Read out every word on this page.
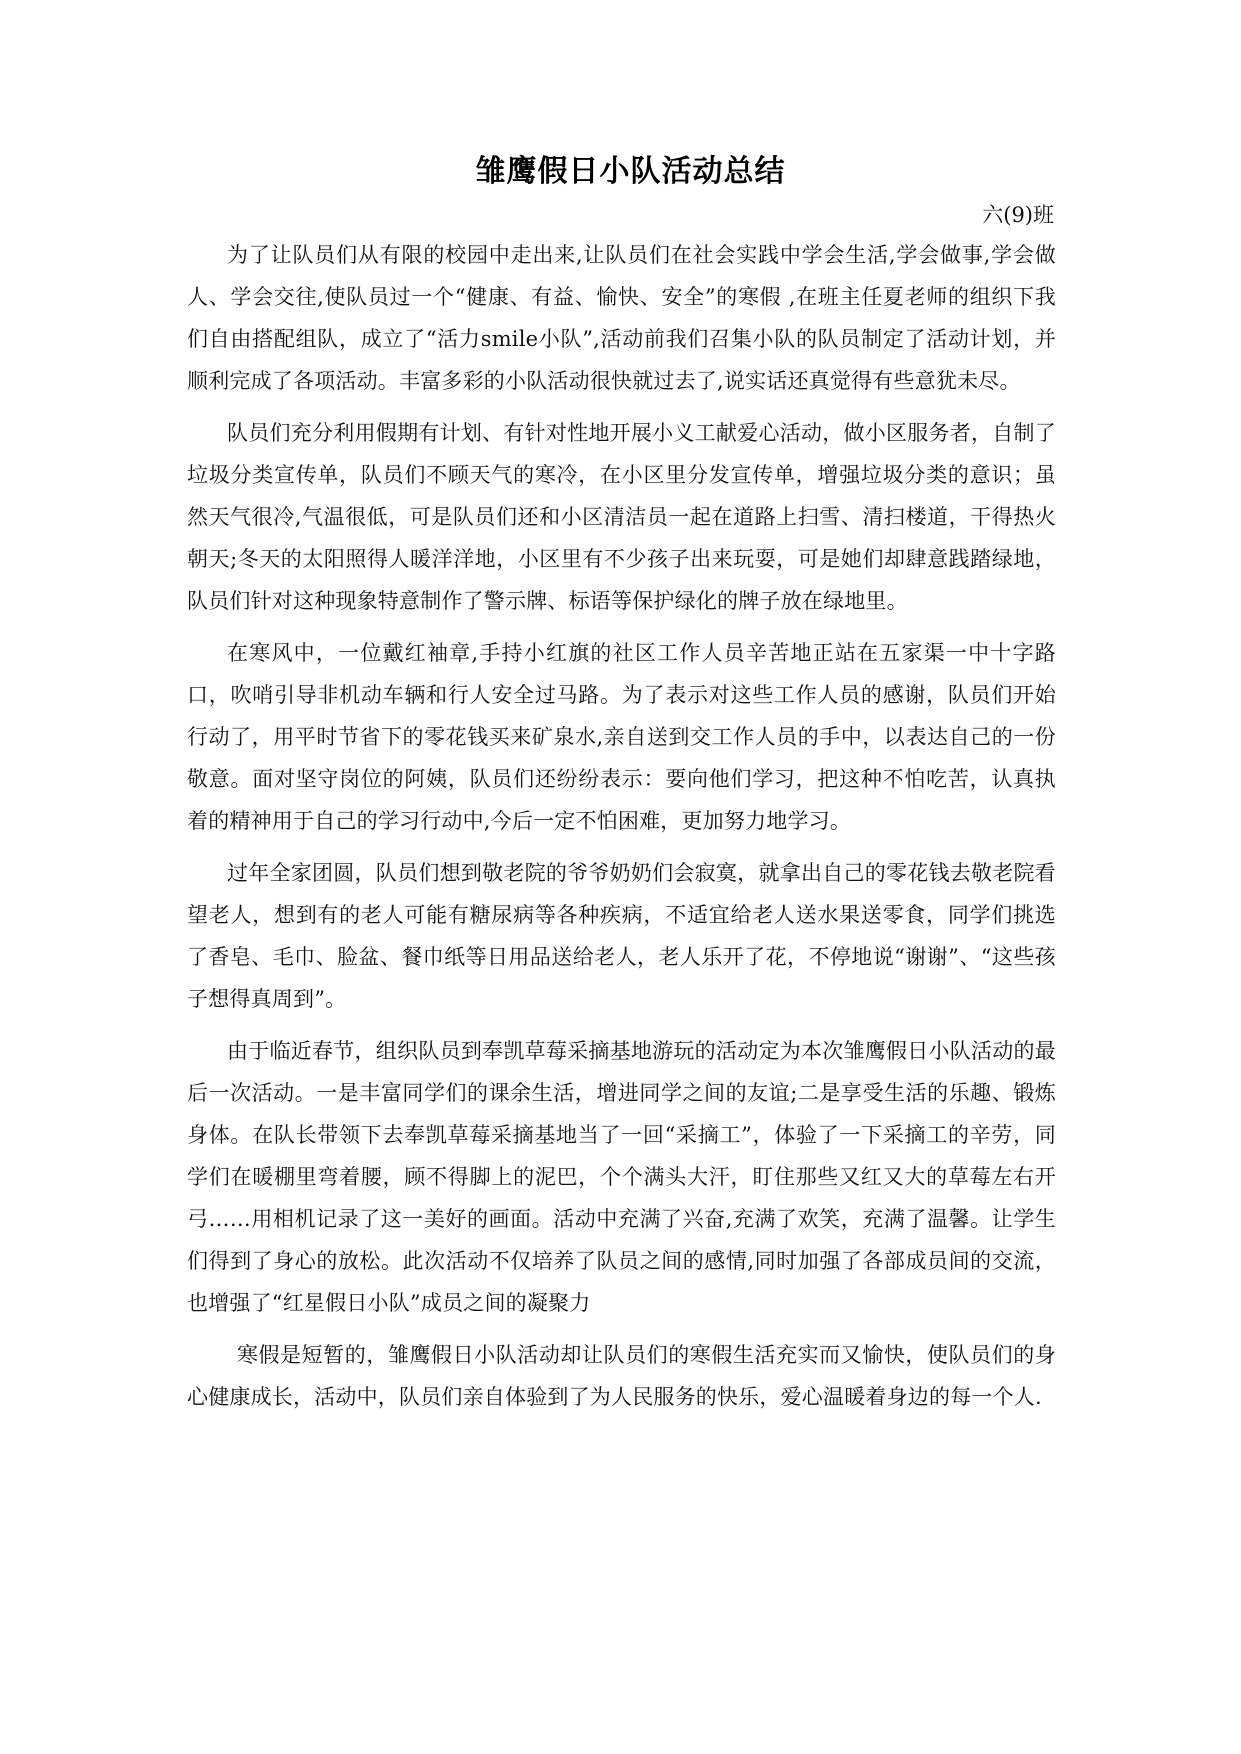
雏鹰假日小队活动总结
六(9)班

为了让队员们从有限的校园中走出来,让队员们在社会实践中学会生活,学会做事,学会做人、学会交往,使队员过一个“健康、有益、愉快、安全”的寒假 ,在班主任夏老师的组织下我们自由搭配组队，成立了“活力smile小队”,活动前我们召集小队的队员制定了活动计划，并顺利完成了各项活动。丰富多彩的小队活动很快就过去了,说实话还真觉得有些意犹未尽。

队员们充分利用假期有计划、有针对性地开展小义工献爱心活动，做小区服务者，自制了垃圾分类宣传单，队员们不顾天气的寒冷，在小区里分发宣传单，增强垃圾分类的意识；虽然天气很冷,气温很低，可是队员们还和小区清洁员一起在道路上扫雪、清扫楼道，干得热火朝天;冬天的太阳照得人暖洋洋地，小区里有不少孩子出来玩耍，可是她们却肆意践踏绿地，队员们针对这种现象特意制作了警示牌、标语等保护绿化的牌子放在绿地里。

在寒风中，一位戴红袖章,手持小红旗的社区工作人员辛苦地正站在五家渠一中十字路口，吹哨引导非机动车辆和行人安全过马路。为了表示对这些工作人员的感谢，队员们开始行动了，用平时节省下的零花钱买来矿泉水,亲自送到交工作人员的手中，以表达自己的一份敬意。面对坚守岗位的阿姨，队员们还纷纷表示：要向他们学习，把这种不怕吃苦，认真执着的精神用于自己的学习行动中,今后一定不怕困难，更加努力地学习。

过年全家团圆，队员们想到敬老院的爷爷奶奶们会寂寞，就拿出自己的零花钱去敬老院看望老人，想到有的老人可能有糖尿病等各种疾病，不适宜给老人送水果送零食，同学们挑选了香皂、毛巾、脸盆、餐巾纸等日用品送给老人，老人乐开了花，不停地说“谢谢”、“这些孩子想得真周到”。

由于临近春节，组织队员到奉凯草莓采摘基地游玩的活动定为本次雏鹰假日小队活动的最后一次活动。一是丰富同学们的课余生活，增进同学之间的友谊;二是享受生活的乐趣、锻炼身体。在队长带领下去奉凯草莓采摘基地当了一回“采摘工”，体验了一下采摘工的辛劳，同学们在暖棚里弯着腰，顾不得脚上的泥巴，个个满头大汗，盯住那些又红又大的草莓左右开弓……用相机记录了这一美好的画面。活动中充满了兴奋,充满了欢笑，充满了温馨。让学生们得到了身心的放松。此次活动不仅培养了队员之间的感情,同时加强了各部成员间的交流，也增强了“红星假日小队”成员之间的凝聚力

寒假是短暂的，雏鹰假日小队活动却让队员们的寒假生活充实而又愉快，使队员们的身心健康成长，活动中，队员们亲自体验到了为人民服务的快乐，爱心温暖着身边的每一个人.
